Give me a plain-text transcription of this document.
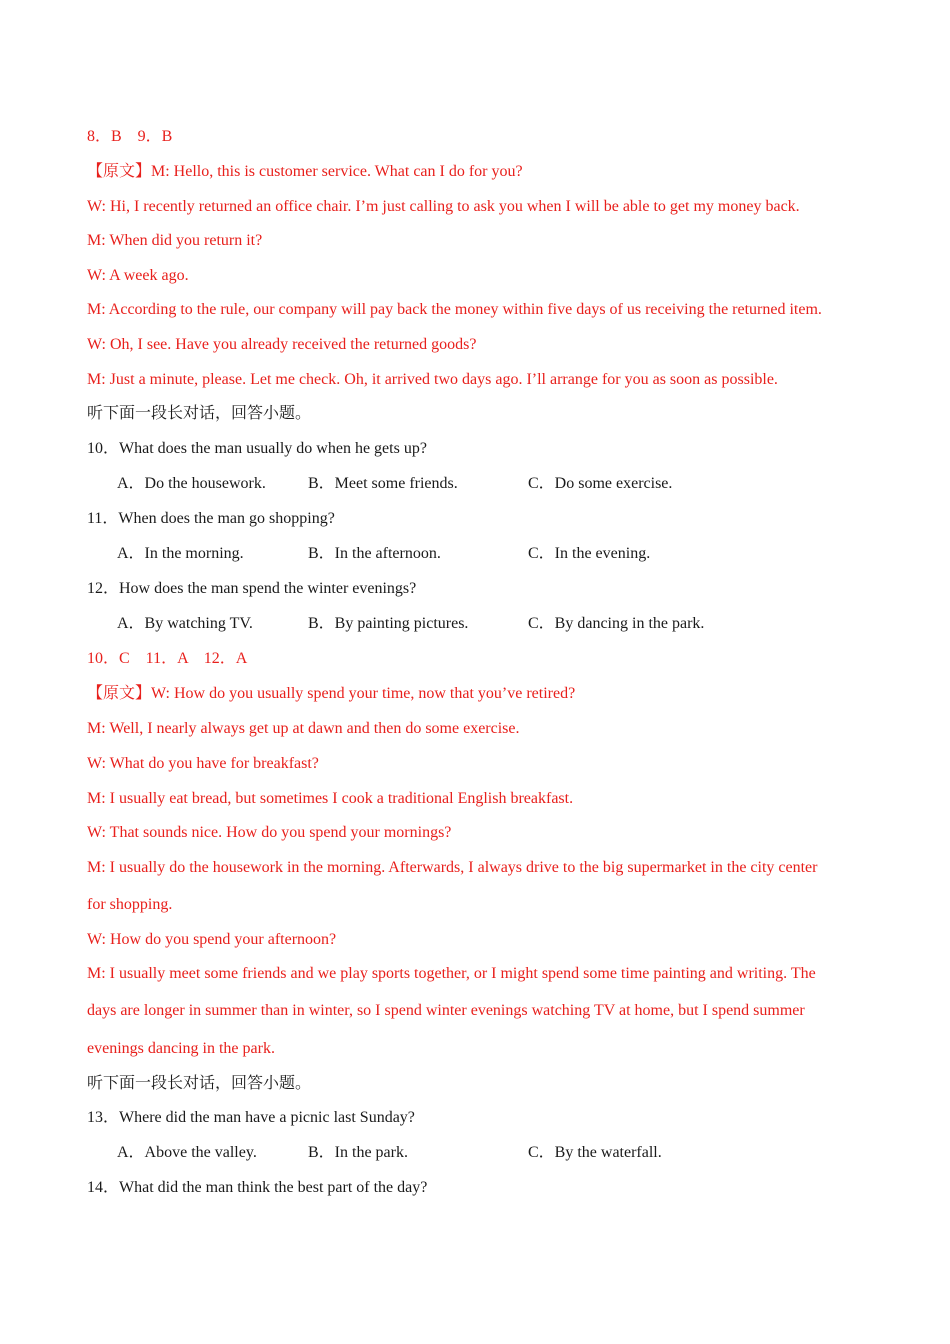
8．B　9．B
【原文】M: Hello, this is customer service. What can I do for you?
W: Hi, I recently returned an office chair. I’m just calling to ask you when I will be able to get my money back.
M: When did you return it?
W: A week ago.
M: According to the rule, our company will pay back the money within five days of us receiving the returned item.
W: Oh, I see. Have you already received the returned goods?
M: Just a minute, please. Let me check. Oh, it arrived two days ago. I’ll arrange for you as soon as possible.
听下面一段长对话，回答小题。
10．What does the man usually do when he gets up?
A．Do the housework.	B．Meet some friends.	C．Do some exercise.
11．When does the man go shopping?
A．In the morning.	B．In the afternoon.	C．In the evening.
12．How does the man spend the winter evenings?
A．By watching TV.	B．By painting pictures.	C．By dancing in the park.
10．C　11．A　12．A
【原文】W: How do you usually spend your time, now that you’ve retired?
M: Well, I nearly always get up at dawn and then do some exercise.
W: What do you have for breakfast?
M: I usually eat bread, but sometimes I cook a traditional English breakfast.
W: That sounds nice. How do you spend your mornings?
M: I usually do the housework in the morning. Afterwards, I always drive to the big supermarket in the city center
for shopping.
W: How do you spend your afternoon?
M: I usually meet some friends and we play sports together, or I might spend some time painting and writing. The
days are longer in summer than in winter, so I spend winter evenings watching TV at home, but I spend summer
evenings dancing in the park.
听下面一段长对话，回答小题。
13．Where did the man have a picnic last Sunday?
A．Above the valley.	B．In the park.	C．By the waterfall.
14．What did the man think the best part of the day?
